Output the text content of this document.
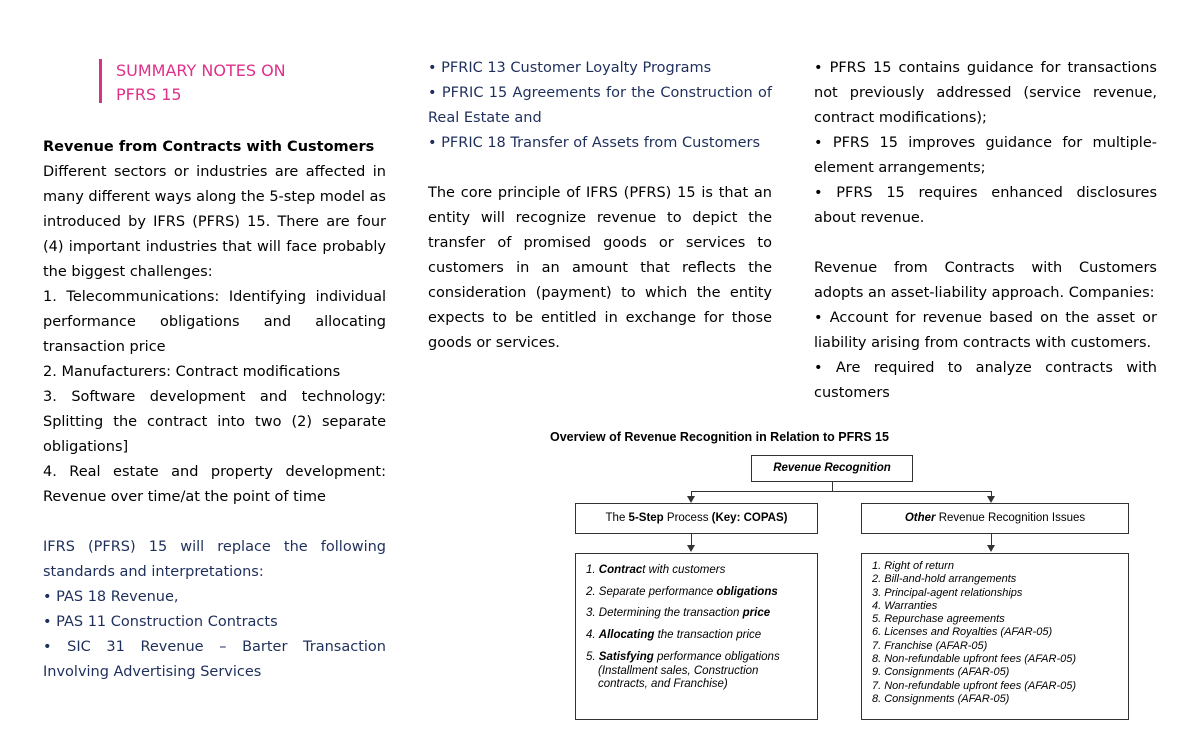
SUMMARY NOTES ON PFRS 15

Revenue from Contracts with Customers

Different sectors or industries are affected in many different ways along the 5-step model as introduced by IFRS (PFRS) 15. There are four (4) important industries that will face probably the biggest challenges:

1. Telecommunications: Identifying individual performance obligations and allocating transaction price

2. Manufacturers: Contract modifications

3. Software development and technology: Splitting the contract into two (2) separate obligations]

4. Real estate and property development: Revenue over time/at the point of time

IFRS (PFRS) 15 will replace the following standards and interpretations:

• PAS 18 Revenue,

• PAS 11 Construction Contracts

• SIC 31 Revenue – Barter Transaction Involving Advertising Services

• PFRIC 13 Customer Loyalty Programs

• PFRIC 15 Agreements for the Construction of Real Estate and

• PFRIC 18 Transfer of Assets from Customers

The core principle of IFRS (PFRS) 15 is that an entity will recognize revenue to depict the transfer of promised goods or services to customers in an amount that reflects the consideration (payment) to which the entity expects to be entitled in exchange for those goods or services.

• PFRS 15 contains guidance for transactions not previously addressed (service revenue, contract modifications);

• PFRS 15 improves guidance for multiple-element arrangements;

• PFRS 15 requires enhanced disclosures about revenue.

Revenue from Contracts with Customers adopts an asset-liability approach. Companies:

• Account for revenue based on the asset or liability arising from contracts with customers.

• Are required to analyze contracts with customers

Overview of Revenue Recognition in Relation to PFRS 15
Revenue Recognition
The 5-Step Process (Key: COPAS)	Other Revenue Recognition Issues
1. Contract with customers
2. Separate performance obligations
3. Determining the transaction price
4. Allocating the transaction price
5. Satisfying performance obligations
(Installment sales, Construction contracts, and Franchise)
1. Right of return
2. Bill-and-hold arrangements
3. Principal-agent relationships
4. Warranties
5. Repurchase agreements
6. Licenses and Royalties (AFAR-05)
7. Franchise (AFAR-05)
8. Non-refundable upfront fees (AFAR-05)
9. Consignments (AFAR-05)
7. Non-refundable upfront fees (AFAR-05)
8. Consignments (AFAR-05)
